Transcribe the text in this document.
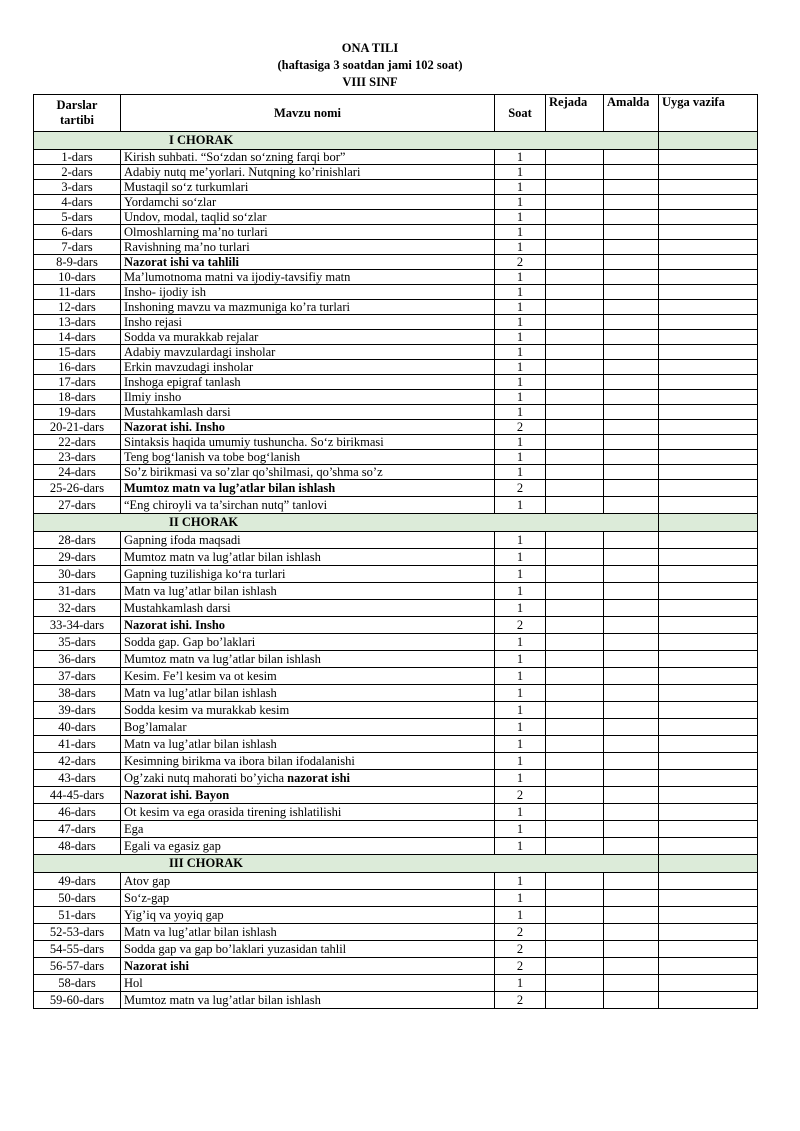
ONA TILI
(haftasiga 3 soatdan jami 102 soat)
VIII SINF
Darslar
tartibi	Mavzu nomi	Soat	Rejada	Amalda	Uyga vazifa
I CHORAK					
1-dars	Kirish suhbati. “So‘zdan so‘zning farqi bor”	1			
2-dars	Adabiy nutq me’yorlari. Nutqning ko’rinishlari	1			
3-dars	Mustaqil so‘z turkumlari	1			
4-dars	Yordamchi so‘zlar	1			
5-dars	Undov, modal, taqlid so‘zlar	1			
6-dars	Olmoshlarning ma’no turlari	1			
7-dars	Ravishning ma’no turlari	1			
8-9-dars	Nazorat ishi va tahlili	2			
10-dars	Ma’lumotnoma matni va ijodiy-tavsifiy matn	1			
11-dars	Insho- ijodiy ish	1			
12-dars	Inshoning mavzu va mazmuniga ko’ra turlari	1			
13-dars	Insho rejasi	1			
14-dars	Sodda va murakkab rejalar	1			
15-dars	Adabiy mavzulardagi insholar	1			
16-dars	Erkin mavzudagi insholar	1			
17-dars	Inshoga epigraf tanlash	1			
18-dars	Ilmiy insho	1			
19-dars	Mustahkamlash darsi	1			
20-21-dars	Nazorat ishi. Insho	2			
22-dars	Sintaksis haqida umumiy tushuncha. So‘z birikmasi	1			
23-dars	Teng bog‘lanish va tobe bog‘lanish	1			
24-dars	So’z birikmasi va so’zlar qo’shilmasi, qo’shma so’z	1			
25-26-dars	Mumtoz matn va lug’atlar bilan ishlash	2			
27-dars	“Eng chiroyli va ta’sirchan nutq” tanlovi	1			
II CHORAK					
28-dars	Gapning ifoda maqsadi	1			
29-dars	Mumtoz matn va lug’atlar bilan ishlash	1			
30-dars	Gapning tuzilishiga ko‘ra turlari	1			
31-dars	Matn va lug’atlar bilan ishlash	1			
32-dars	Mustahkamlash darsi	1			
33-34-dars	Nazorat ishi. Insho	2			
35-dars	Sodda gap. Gap bo’laklari	1			
36-dars	Mumtoz matn va lug’atlar bilan ishlash	1			
37-dars	Kesim. Fe’l kesim va ot kesim	1			
38-dars	Matn va lug’atlar bilan ishlash	1			
39-dars	Sodda kesim va murakkab kesim	1			
40-dars	Bog’lamalar	1			
41-dars	Matn va lug’atlar bilan ishlash	1			
42-dars	Kesimning birikma va ibora bilan ifodalanishi	1			
43-dars	Og’zaki nutq mahorati bo’yicha nazorat ishi	1			
44-45-dars	Nazorat ishi. Bayon	2			
46-dars	Ot kesim va ega orasida tirening ishlatilishi	1			
47-dars	Ega	1			
48-dars	Egali va egasiz gap	1			
III CHORAK					
49-dars	Atov gap	1			
50-dars	So‘z-gap	1			
51-dars	Yig’iq va yoyiq gap	1			
52-53-dars	Matn va lug’atlar bilan ishlash	2			
54-55-dars	Sodda gap va gap bo’laklari yuzasidan tahlil	2			
56-57-dars	Nazorat ishi	2			
58-dars	Hol	1			
59-60-dars	Mumtoz matn va lug’atlar bilan ishlash	2			
